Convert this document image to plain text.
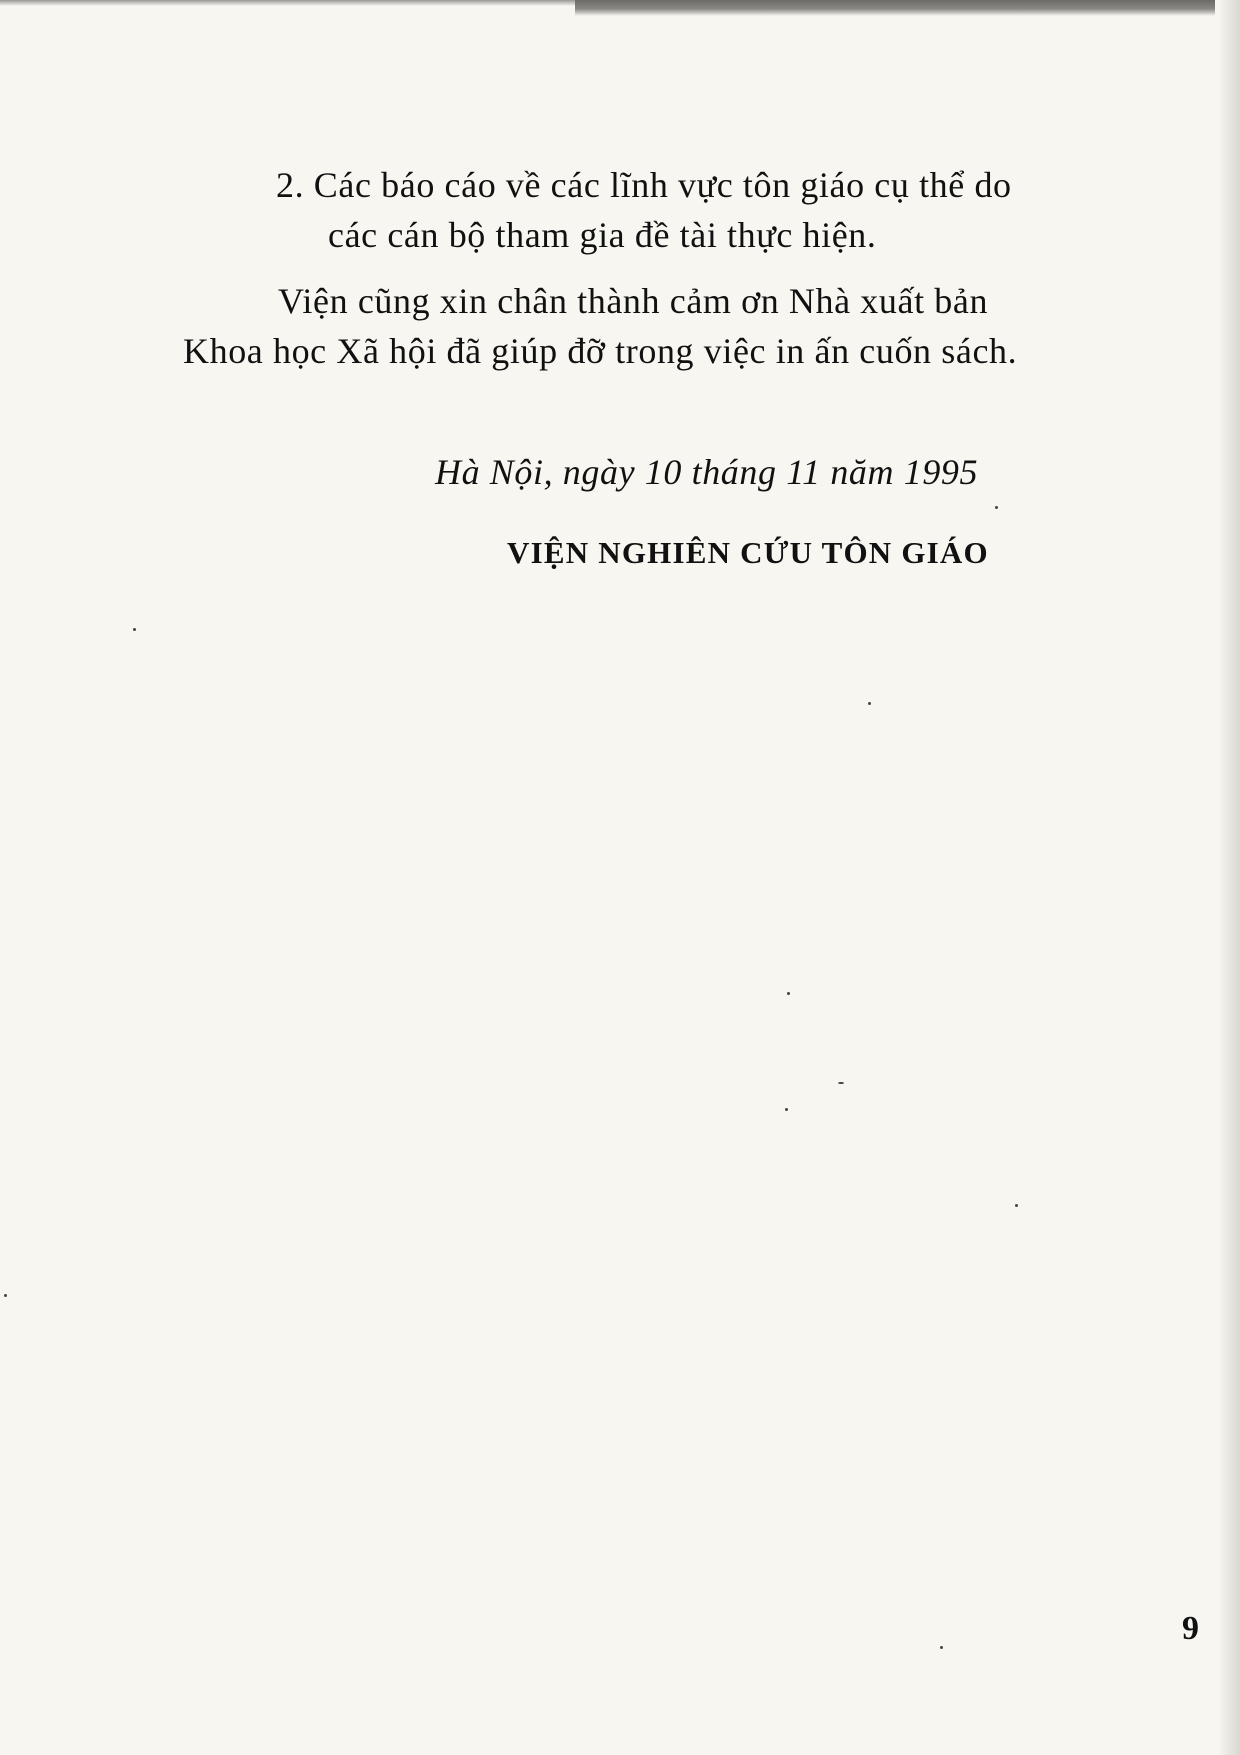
2. Các báo cáo về các lĩnh vực tôn giáo cụ thể do
các cán bộ tham gia đề tài thực hiện.
Viện cũng xin chân thành cảm ơn Nhà xuất bản
Khoa học Xã hội đã giúp đỡ trong việc in ấn cuốn sách.
Hà Nội, ngày 10 tháng 11 năm 1995
VIỆN NGHIÊN CỨU TÔN GIÁO
9
